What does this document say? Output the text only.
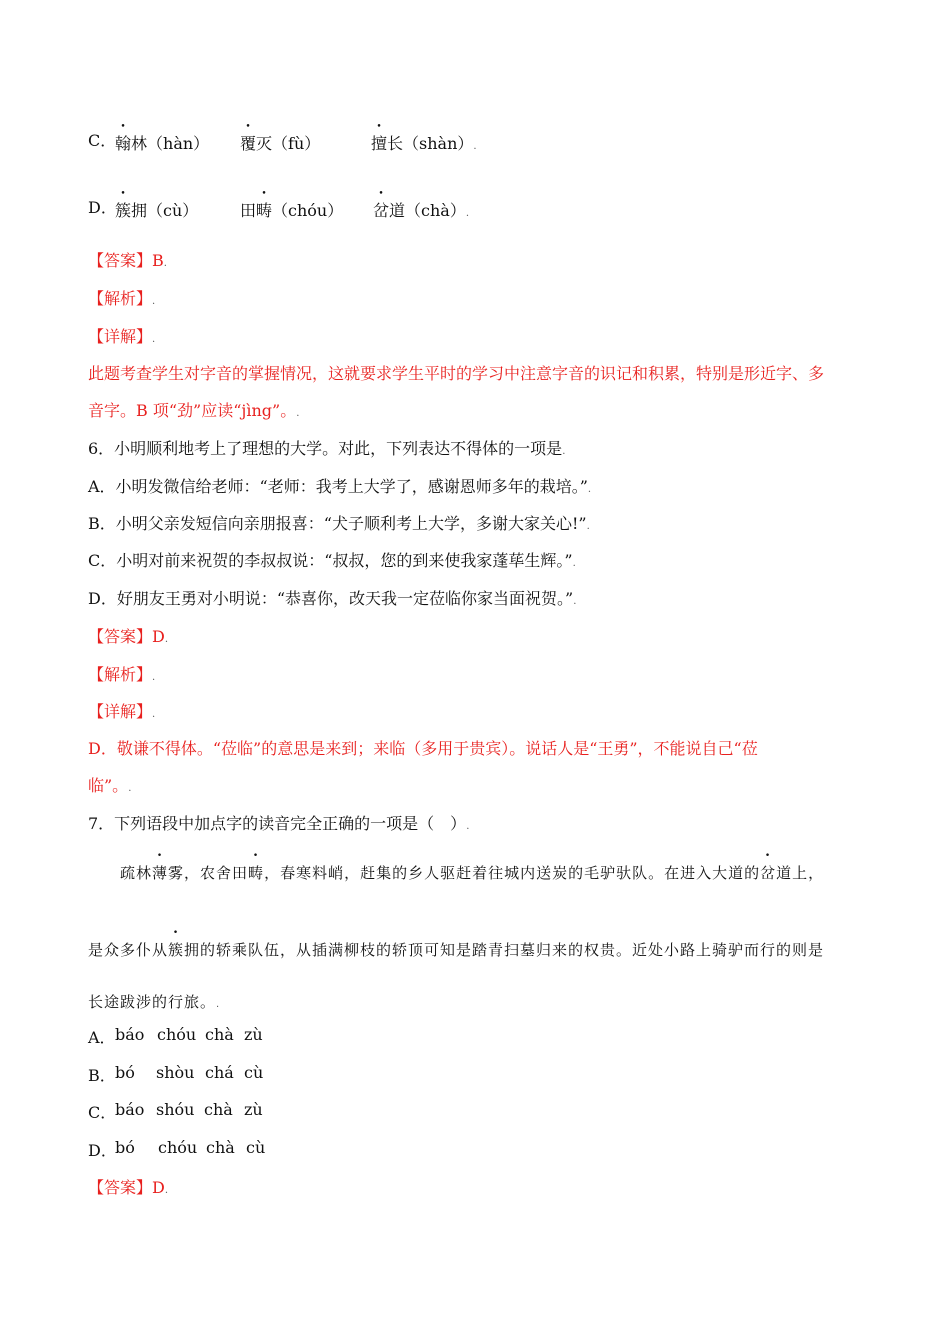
C．
翰林（hàn） 覆灭（fù）	擅长（shàn）.
D．
簇拥（cù）	田畴（chóu） 岔道（chà）.
【答案】B.
【解析】.
【详解】.
此题考查学生对字音的掌握情况，这就要求学生平时的学习中注意字音的识记和积累，特别是形近字、多
音字。B 项“劲”应读“jìng”。.
6．小明顺利地考上了理想的大学。对此，下列表达不得体的一项是.
A．小明发微信给老师：“老师：我考上大学了，感谢恩师多年的栽培。”.
B．小明父亲发短信向亲朋报喜：“犬子顺利考上大学，多谢大家关心!”.
C．小明对前来祝贺的李叔叔说：“叔叔，您的到来使我家蓬荜生辉。”.
D．好朋友王勇对小明说：“恭喜你，改天我一定莅临你家当面祝贺。”.
【答案】D.
【解析】.
【详解】.
D．敬谦不得体。“莅临”的意思是来到；来临（多用于贵宾）。说话人是“王勇”，不能说自己“莅
临”。.
7．下列语段中加点字的读音完全正确的一项是（　）.
疏林薄雾，农舍田畴，春寒料峭，赶集的乡人驱赶着往城内送炭的毛驴驮队。在进入大道的岔道上，
是众多仆从簇拥的轿乘队伍，从插满柳枝的轿顶可知是踏青扫墓归来的权贵。近处小路上骑驴而行的则是
长途跋涉的行旅。.
A． báo chóu chà zù
B． bó shòu chá cù
C．
báo shóu chà zù
D．
bó chóu chà cù
【答案】D.
